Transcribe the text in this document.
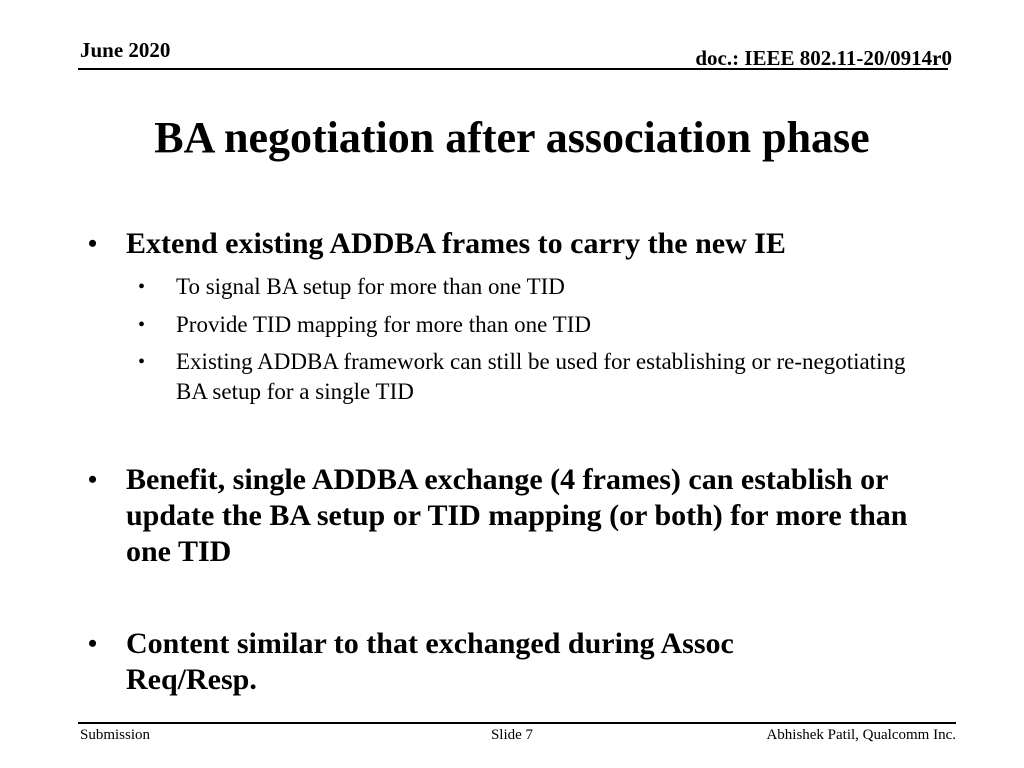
June 2020	doc.: IEEE 802.11-20/0914r0
BA negotiation after association phase
• Extend existing ADDBA frames to carry the new IE
• To signal BA setup for more than one TID
• Provide TID mapping for more than one TID
• Existing ADDBA framework can still be used for establishing or re-negotiating BA setup for a single TID
• Benefit, single ADDBA exchange (4 frames) can establish or update the BA setup or TID mapping (or both) for more than one TID
• Content similar to that exchanged during Assoc Req/Resp.
Submission	Slide 7	Abhishek Patil, Qualcomm Inc.
